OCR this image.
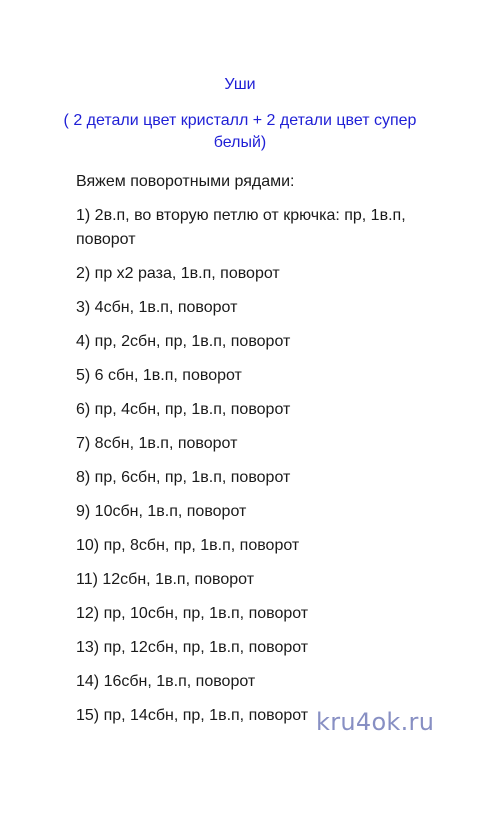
Уши
( 2 детали цвет кристалл + 2 детали цвет супер белый)
Вяжем поворотными рядами:
1) 2в.п, во вторую петлю от крючка: пр, 1в.п, поворот
2) пр х2 раза, 1в.п, поворот
3) 4сбн, 1в.п, поворот
4) пр, 2сбн, пр, 1в.п, поворот
5) 6 сбн, 1в.п, поворот
6) пр, 4сбн, пр, 1в.п, поворот
7) 8сбн, 1в.п, поворот
8) пр, 6сбн, пр, 1в.п, поворот
9) 10сбн, 1в.п, поворот
10) пр, 8сбн, пр, 1в.п, поворот
11) 12сбн, 1в.п, поворот
12) пр, 10сбн, пр, 1в.п, поворот
13) пр, 12сбн, пр, 1в.п, поворот
14) 16сбн, 1в.п, поворот
15) пр, 14сбн, пр, 1в.п, поворот kru4ok.ru
